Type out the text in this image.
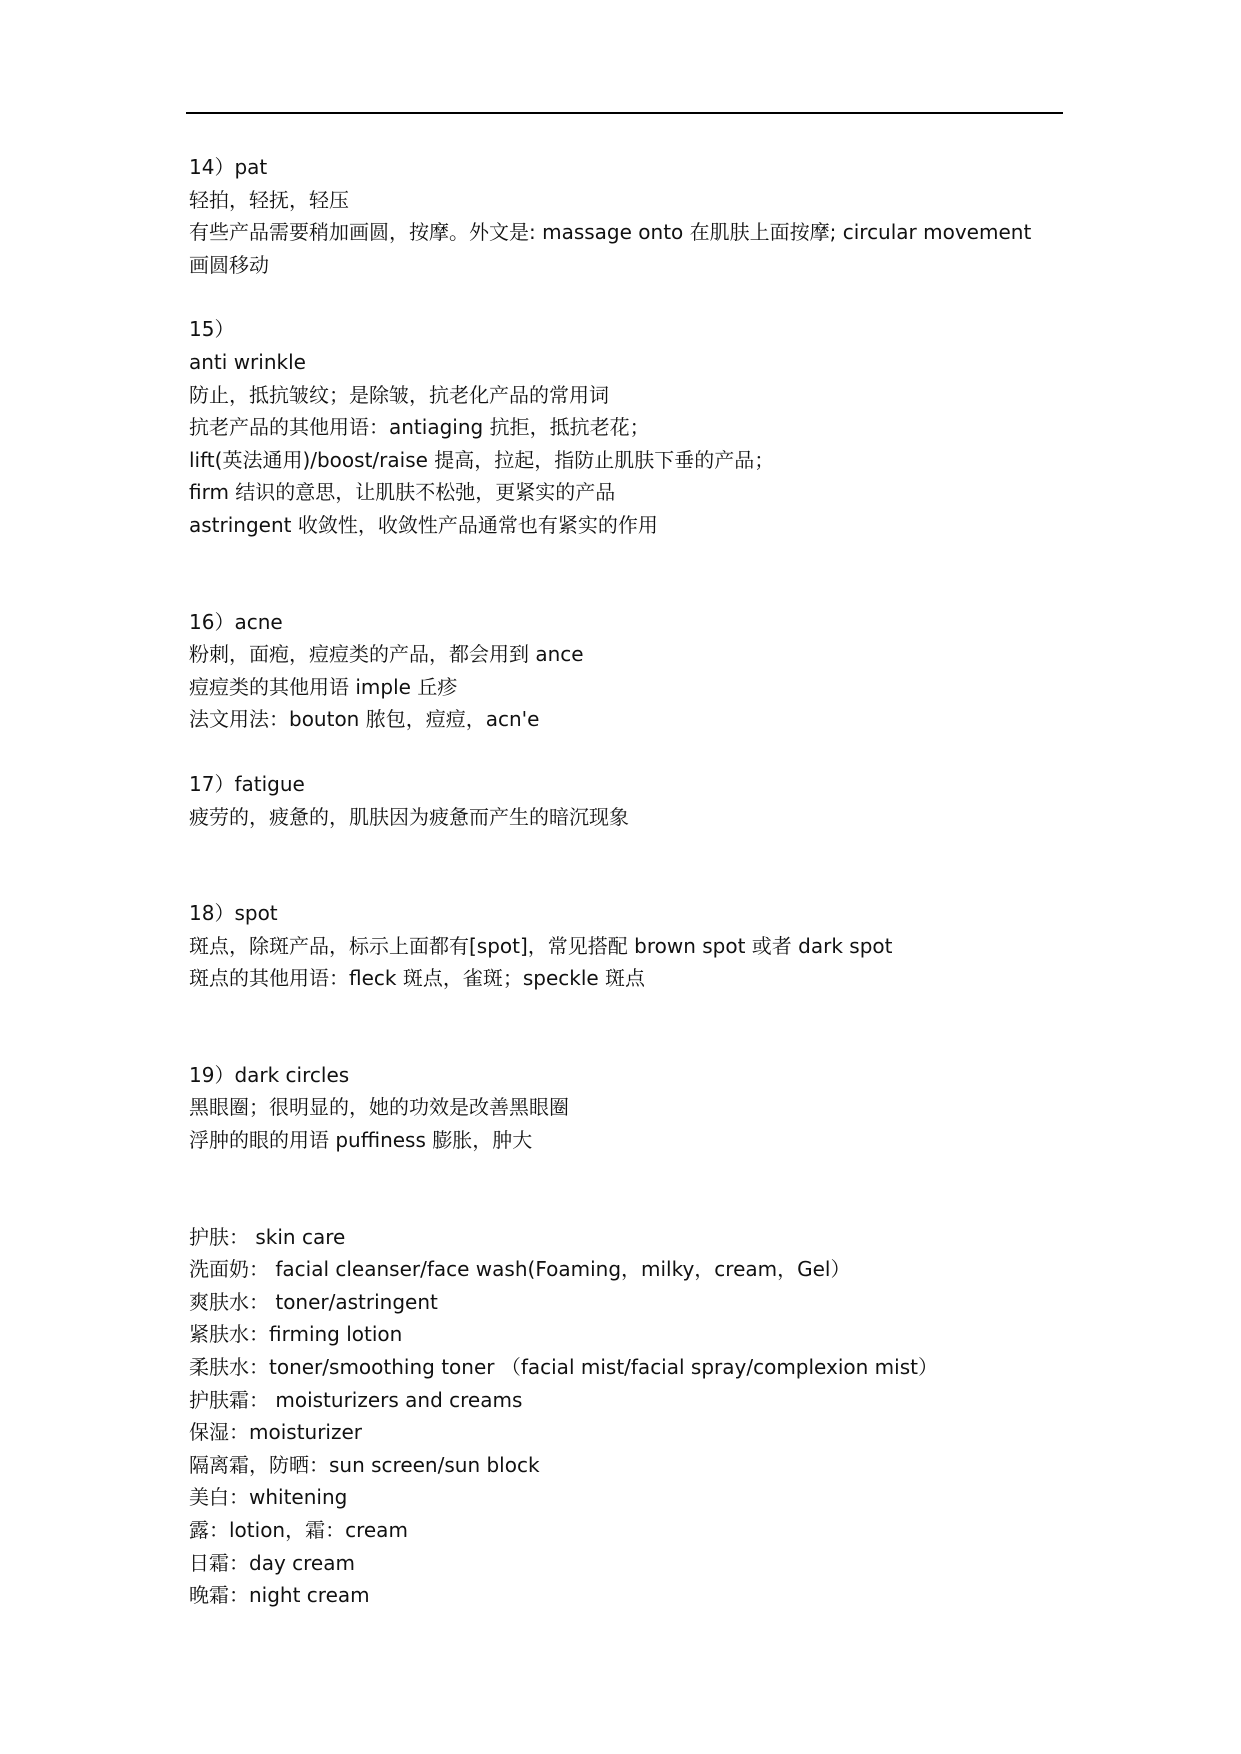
14）pat
轻拍，轻抚，轻压
有些产品需要稍加画圆，按摩。外文是: massage onto 在肌肤上面按摩; circular movement
画圆移动
15）
anti wrinkle
防止，抵抗皱纹；是除皱，抗老化产品的常用词
抗老产品的其他用语：antiaging 抗拒，抵抗老花；
lift(英法通用)/boost/raise 提高，拉起，指防止肌肤下垂的产品；
firm 结识的意思，让肌肤不松弛，更紧实的产品
astringent 收敛性，收敛性产品通常也有紧实的作用
16）acne
粉刺，面疱，痘痘类的产品，都会用到 ance
痘痘类的其他用语 imple 丘疹
法文用法：bouton 脓包，痘痘，acn'e
17）fatigue
疲劳的，疲惫的，肌肤因为疲惫而产生的暗沉现象
18）spot
斑点，除斑产品，标示上面都有[spot]，常见搭配 brown spot 或者 dark spot
斑点的其他用语：fleck 斑点，雀斑；speckle 斑点
19）dark circles
黑眼圈；很明显的，她的功效是改善黑眼圈
浮肿的眼的用语 puffiness 膨胀，肿大
护肤： skin care
洗面奶： facial cleanser/face wash(Foaming，milky，cream，Gel）
爽肤水： toner/astringent
紧肤水：firming lotion
柔肤水：toner/smoothing toner （facial mist/facial spray/complexion mist）
护肤霜： moisturizers and creams
保湿：moisturizer
隔离霜，防晒：sun screen/sun block
美白：whitening
露：lotion，霜：cream
日霜：day cream
晚霜：night cream
